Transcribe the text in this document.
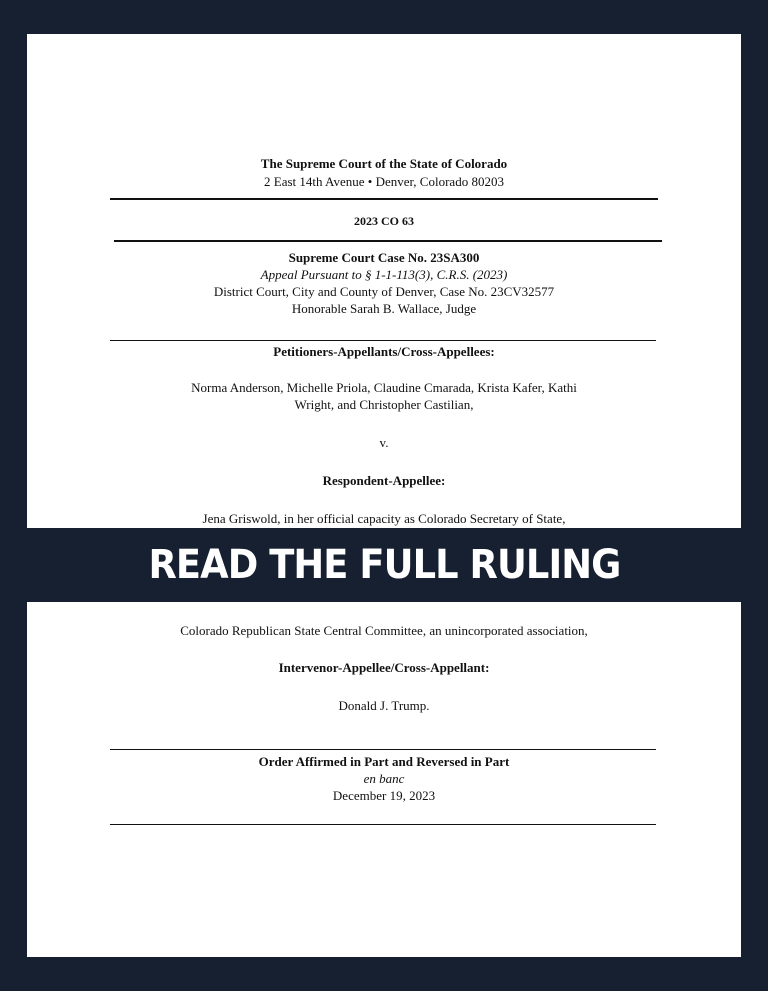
The Supreme Court of the State of Colorado
2 East 14th Avenue • Denver, Colorado 80203
2023 CO 63
Supreme Court Case No. 23SA300
Appeal Pursuant to § 1-1-113(3), C.R.S. (2023)
District Court, City and County of Denver, Case No. 23CV32577
Honorable Sarah B. Wallace, Judge
Petitioners-Appellants/Cross-Appellees:
Norma Anderson, Michelle Priola, Claudine Cmarada, Krista Kafer, Kathi
Wright, and Christopher Castilian,
v.
Respondent-Appellee:
Jena Griswold, in her official capacity as Colorado Secretary of State,
READ THE FULL RULING
Colorado Republican State Central Committee, an unincorporated association,
Intervenor-Appellee/Cross-Appellant:
Donald J. Trump.
Order Affirmed in Part and Reversed in Part
en banc
December 19, 2023
